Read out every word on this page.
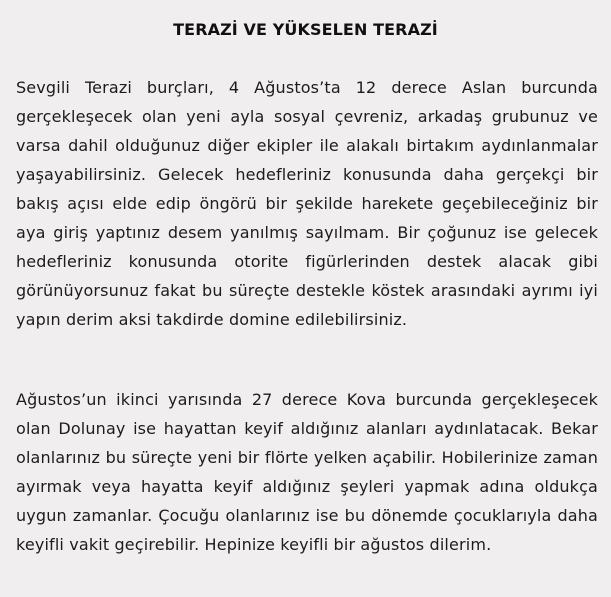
TERAZİ VE YÜKSELEN TERAZİ

Sevgili Terazi burçları, 4 Ağustos’ta 12 derece Aslan burcunda gerçekleşecek olan yeni ayla sosyal çevreniz, arkadaş grubunuz ve varsa dahil olduğunuz diğer ekipler ile alakalı birtakım aydınlanmalar yaşayabilirsiniz. Gelecek hedefleriniz konusunda daha gerçekçi bir bakış açısı elde edip öngörü bir şekilde harekete geçebileceğiniz bir aya giriş yaptınız desem yanılmış sayılmam. Bir çoğunuz ise gelecek hedefleriniz konusunda otorite figürlerinden destek alacak gibi görünüyorsunuz fakat bu süreçte destekle köstek arasındaki ayrımı iyi yapın derim aksi takdirde domine edilebilirsiniz.

Ağustos’un ikinci yarısında 27 derece Kova burcunda gerçekleşecek olan Dolunay ise hayattan keyif aldığınız alanları aydınlatacak. Bekar olanlarınız bu süreçte yeni bir flörte yelken açabilir. Hobilerinize zaman ayırmak veya hayatta keyif aldığınız şeyleri yapmak adına oldukça uygun zamanlar. Çocuğu olanlarınız ise bu dönemde çocuklarıyla daha keyifli vakit geçirebilir. Hepinize keyifli bir ağustos dilerim.
